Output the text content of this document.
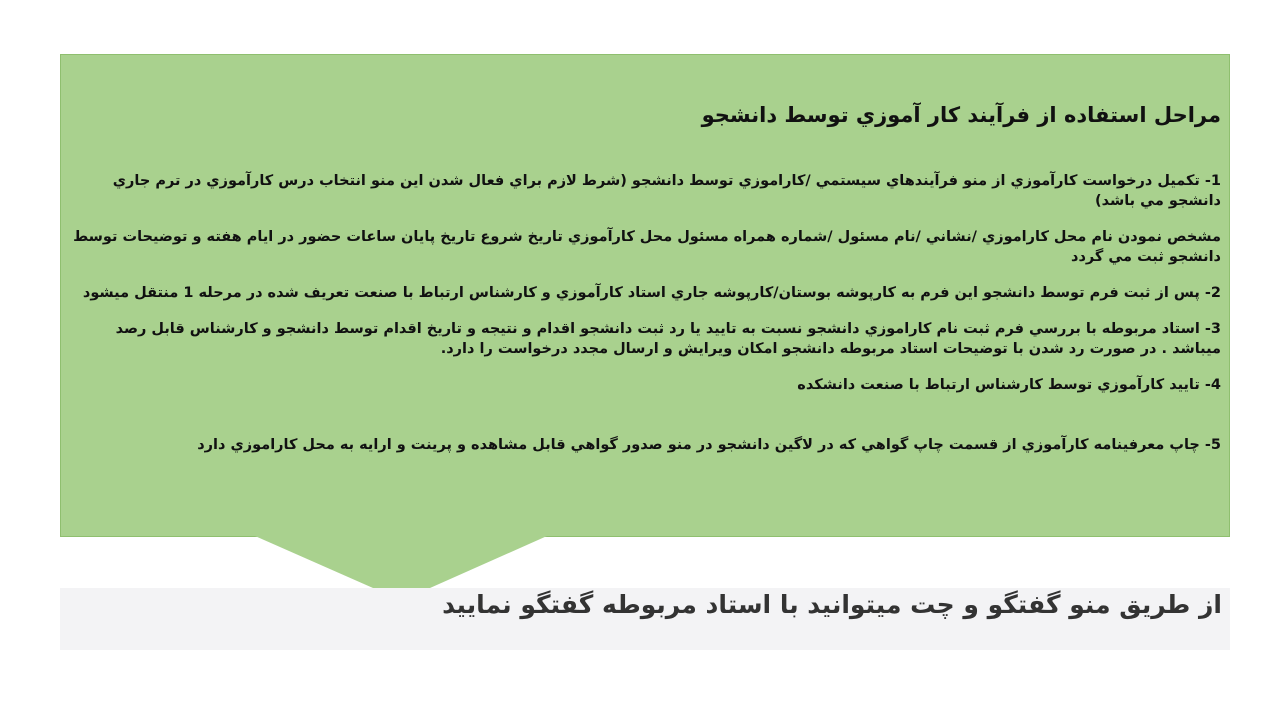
مراحل استفاده از فرآيند كار آموزي توسط دانشجو

1- تكميل درخواست كارآموزي از منو فرآيندهاي سيستمي /كاراموزي توسط دانشجو (شرط لازم براي فعال شدن اين منو انتخاب درس كارآموزي در ترم جاري دانشجو مي باشد)

مشخص نمودن نام محل كاراموزي /نشاني /نام مسئول /شماره همراه مسئول محل كارآموزي تاريخ شروع تاريخ پايان ساعات حضور در ايام هفته و توضيحات توسط دانشجو ثبت مي گردد

2- پس از ثبت فرم توسط دانشجو اين فرم به كارپوشه بوستان/كارپوشه جاري استاد كارآموزي و كارشناس ارتباط با صنعت تعريف شده در مرحله 1 منتقل ميشود

3- استاد مربوطه با بررسي فرم ثبت نام كاراموزي دانشجو نسبت به تاييد يا رد ثبت دانشجو اقدام و نتيجه و تاريخ اقدام توسط دانشجو و كارشناس قابل رصد ميباشد . در صورت رد شدن با توضيحات استاد مربوطه دانشجو امكان ويرايش و ارسال مجدد درخواست را دارد.

4- تاييد كارآموزي توسط كارشناس ارتباط با صنعت دانشكده

5- چاپ معرفينامه كارآموزي از قسمت چاپ گواهي كه در لاگين دانشجو در منو صدور گواهي قابل مشاهده و پرينت و ارايه به محل كاراموزي دارد

از طريق منو گفتگو و چت ميتوانيد با استاد مربوطه گفتگو نماييد
